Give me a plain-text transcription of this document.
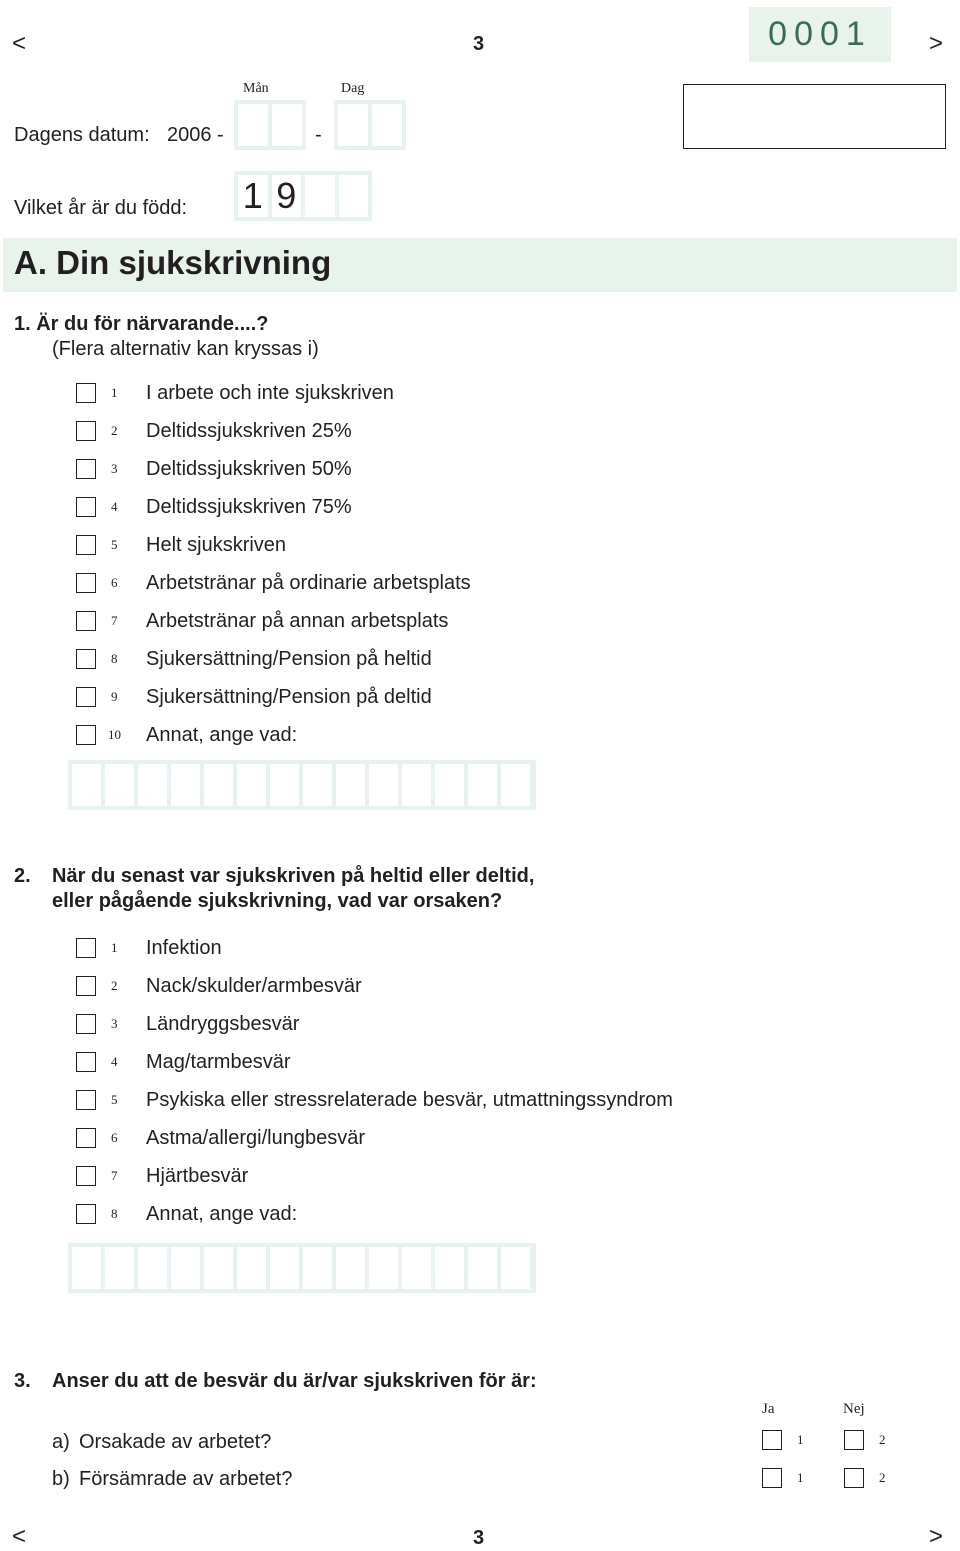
<	3	0001	>
Mån	Dag
Dagens datum: 2006 -	-
Vilket år är du född: 1 9
A. Din sjukskrivning
1. Är du för närvarande....?
(Flera alternativ kan kryssas i)
1	I arbete och inte sjukskriven
2	Deltidssjukskriven 25%
3	Deltidssjukskriven 50%
4	Deltidssjukskriven 75%
5	Helt sjukskriven
6	Arbetstränar på ordinarie arbetsplats
7	Arbetstränar på annan arbetsplats
8	Sjukersättning/Pension på heltid
9	Sjukersättning/Pension på deltid
10	Annat, ange vad:
2. När du senast var sjukskriven på heltid eller deltid,
eller pågående sjukskrivning, vad var orsaken?
1	Infektion
2	Nack/skulder/armbesvär
3	Ländryggsbesvär
4	Mag/tarmbesvär
5	Psykiska eller stressrelaterade besvär, utmattningssyndrom
6	Astma/allergi/lungbesvär
7	Hjärtbesvär
8	Annat, ange vad:
3. Anser du att de besvär du är/var sjukskriven för är:
Ja	Nej
a) Orsakade av arbetet?	1	2
b) Försämrade av arbetet?	1	2
<	3	>
